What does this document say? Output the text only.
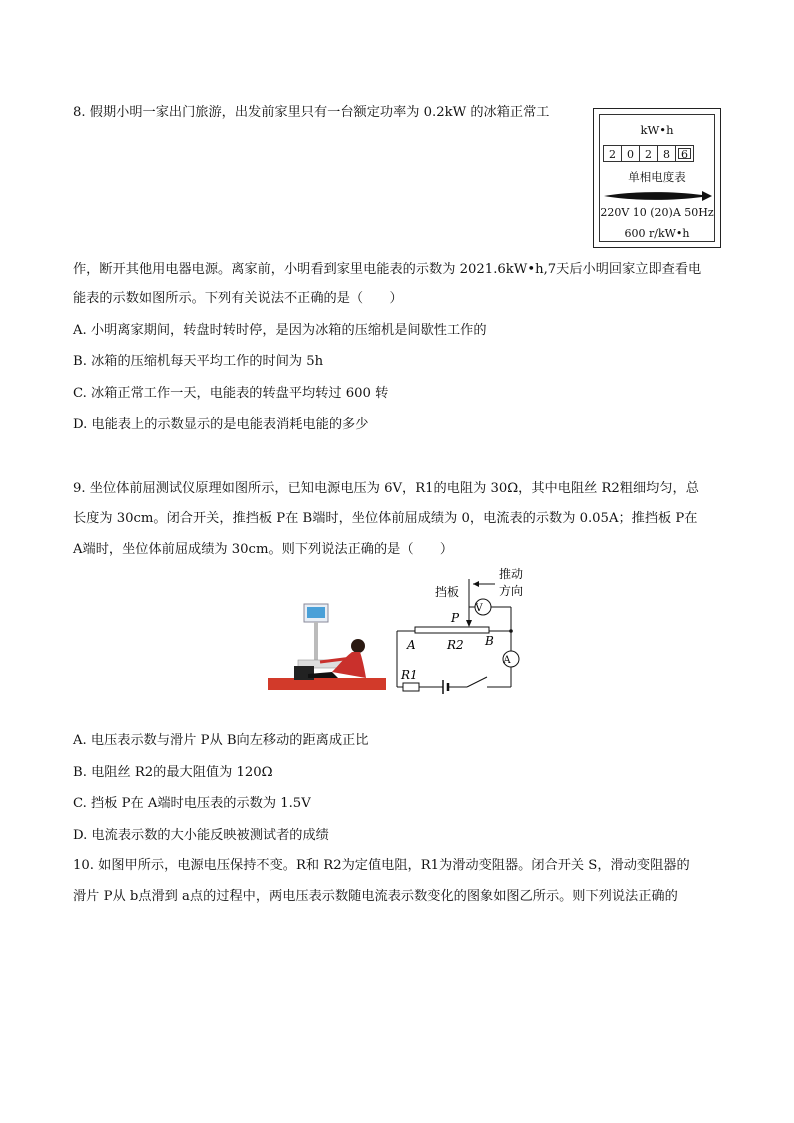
8. 假期小明一家出门旅游，出发前家里只有一台额定功率为 0.2kW 的冰箱正常工
作，断开其他用电器电源。离家前，小明看到家里电能表的示数为 2021.6kW•h,7天后小明回家立即查看电
能表的示数如图所示。下列有关说法不正确的是（　　）
A. 小明离家期间，转盘时转时停，是因为冰箱的压缩机是间歇性工作的
B. 冰箱的压缩机每天平均工作的时间为 5h
C. 冰箱正常工作一天，电能表的转盘平均转过 600 转
D. 电能表上的示数显示的是电能表消耗电能的多少
kW•h
2	0	2	8	6
单相电度表
220V 10 (20)A 50Hz
600 r/kW•h
9. 坐位体前屈测试仪原理如图所示，已知电源电压为 6V，R1的电阻为 30Ω，其中电阻丝 R2粗细均匀，总
长度为 30cm。闭合开关，推挡板 P在 B端时，坐位体前屈成绩为 0，电流表的示数为 0.05A；推挡板 P在
A端时，坐位体前屈成绩为 30cm。则下列说法正确的是（　　）
推动
方向
挡板
P
V
A	R2 B
A
R1
A. 电压表示数与滑片 P从 B向左移动的距离成正比
B. 电阻丝 R2的最大阻值为 120Ω
C. 挡板 P在 A端时电压表的示数为 1.5V
D. 电流表示数的大小能反映被测试者的成绩
10. 如图甲所示，电源电压保持不变。R和 R2为定值电阻，R1为滑动变阻器。闭合开关 S，滑动变阻器的
滑片 P从 b点滑到 a点的过程中，两电压表示数随电流表示数变化的图象如图乙所示。则下列说法正确的
